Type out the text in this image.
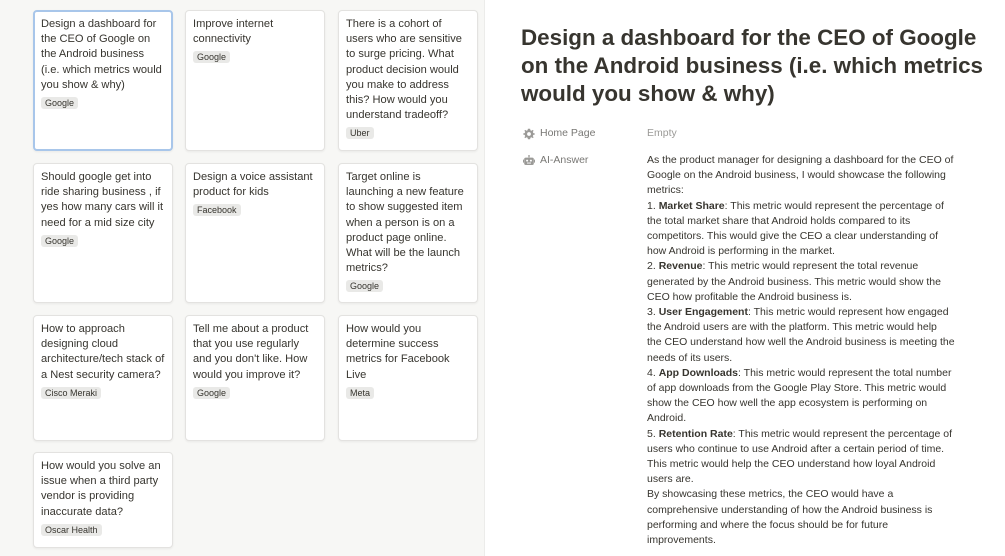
Design a dashboard for the CEO of Google on the Android business (i.e. which metrics would you show & why)
Google
Improve internet connectivity
Google
There is a cohort of users who are sensitive to surge pricing. What product decision would you make to address this? How would you understand tradeoff?
Uber
Should google get into ride sharing business , if yes how many cars will it need for a mid size city
Google
Design a voice assistant product for kids
Facebook
Target online is launching a new feature to show suggested item when a person is on a product page online. What will be the launch metrics?
Google
How to approach designing cloud architecture/tech stack of a Nest security camera?
Cisco Meraki
Tell me about a product that you use regularly and you don't like. How would you improve it?
Google
How would you determine success metrics for Facebook Live
Meta
How would you solve an issue when a third party vendor is providing inaccurate data?
Oscar Health
Design a dashboard for the CEO of Google on the Android business (i.e. which metrics would you show & why)
Home Page	Empty
AI-Answer	As the product manager for designing a dashboard for the CEO of
Google on the Android business, I would showcase the following
metrics:
1. Market Share: This metric would represent the percentage of
the total market share that Android holds compared to its
competitors. This would give the CEO a clear understanding of
how Android is performing in the market.
2. Revenue: This metric would represent the total revenue
generated by the Android business. This metric would show the
CEO how profitable the Android business is.
3. User Engagement: This metric would represent how engaged
the Android users are with the platform. This metric would help
the CEO understand how well the Android business is meeting the
needs of its users.
4. App Downloads: This metric would represent the total number
of app downloads from the Google Play Store. This metric would
show the CEO how well the app ecosystem is performing on
Android.
5. Retention Rate: This metric would represent the percentage of
users who continue to use Android after a certain period of time.
This metric would help the CEO understand how loyal Android
users are.
By showcasing these metrics, the CEO would have a
comprehensive understanding of how the Android business is
performing and where the focus should be for future
improvements.
